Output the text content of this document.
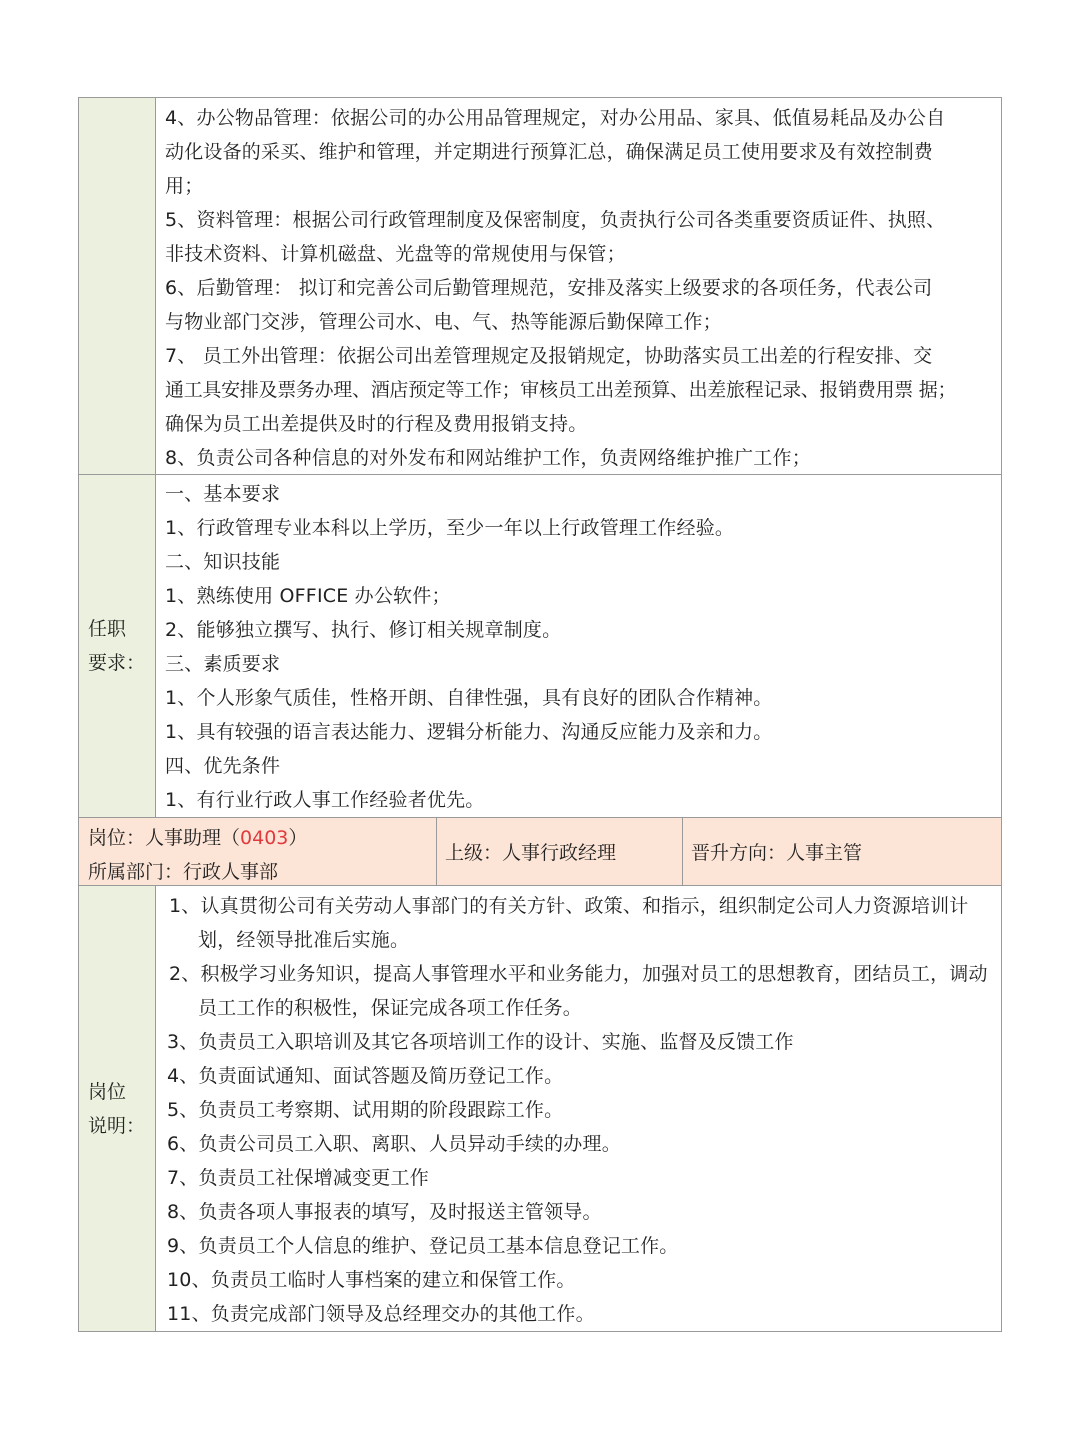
4、办公物品管理：依据公司的办公用品管理规定，对办公用品、家具、低值易耗品及办公自
动化设备的采买、维护和管理，并定期进行预算汇总，确保满足员工使用要求及有效控制费
用；
5、资料管理：根据公司行政管理制度及保密制度，负责执行公司各类重要资质证件、执照、
非技术资料、计算机磁盘、光盘等的常规使用与保管；
6、后勤管理： 拟订和完善公司后勤管理规范，安排及落实上级要求的各项任务，代表公司
与物业部门交涉，管理公司水、电、气、热等能源后勤保障工作；
7、 员工外出管理：依据公司出差管理规定及报销规定，协助落实员工出差的行程安排、交
通工具安排及票务办理、酒店预定等工作；审核员工出差预算、出差旅程记录、报销费用票 据；
确保为员工出差提供及时的行程及费用报销支持。
8、负责公司各种信息的对外发布和网站维护工作，负责网络维护推广工作；
任职
要求：
一、基本要求
1、行政管理专业本科以上学历，至少一年以上行政管理工作经验。
二、知识技能
1、熟练使用 OFFICE 办公软件；
2、能够独立撰写、执行、修订相关规章制度。
三、素质要求
1、个人形象气质佳，性格开朗、自律性强，具有良好的团队合作精神。
1、具有较强的语言表达能力、逻辑分析能力、沟通反应能力及亲和力。
四、优先条件
1、有行业行政人事工作经验者优先。
岗位：人事助理（0403）
所属部门：行政人事部
上级：人事行政经理	晋升方向：人事主管
岗位
说明：
1、认真贯彻公司有关劳动人事部门的有关方针、政策、和指示，组织制定公司人力资源培训计划，经领导批准后实施。
2、积极学习业务知识，提高人事管理水平和业务能力，加强对员工的思想教育，团结员工，调动员工工作的积极性，保证完成各项工作任务。
3、负责员工入职培训及其它各项培训工作的设计、实施、监督及反馈工作
4、负责面试通知、面试答题及简历登记工作。
5、负责员工考察期、试用期的阶段跟踪工作。
6、负责公司员工入职、离职、人员异动手续的办理。
7、负责员工社保增减变更工作
8、负责各项人事报表的填写，及时报送主管领导。
9、负责员工个人信息的维护、登记员工基本信息登记工作。
10、负责员工临时人事档案的建立和保管工作。
11、负责完成部门领导及总经理交办的其他工作。
